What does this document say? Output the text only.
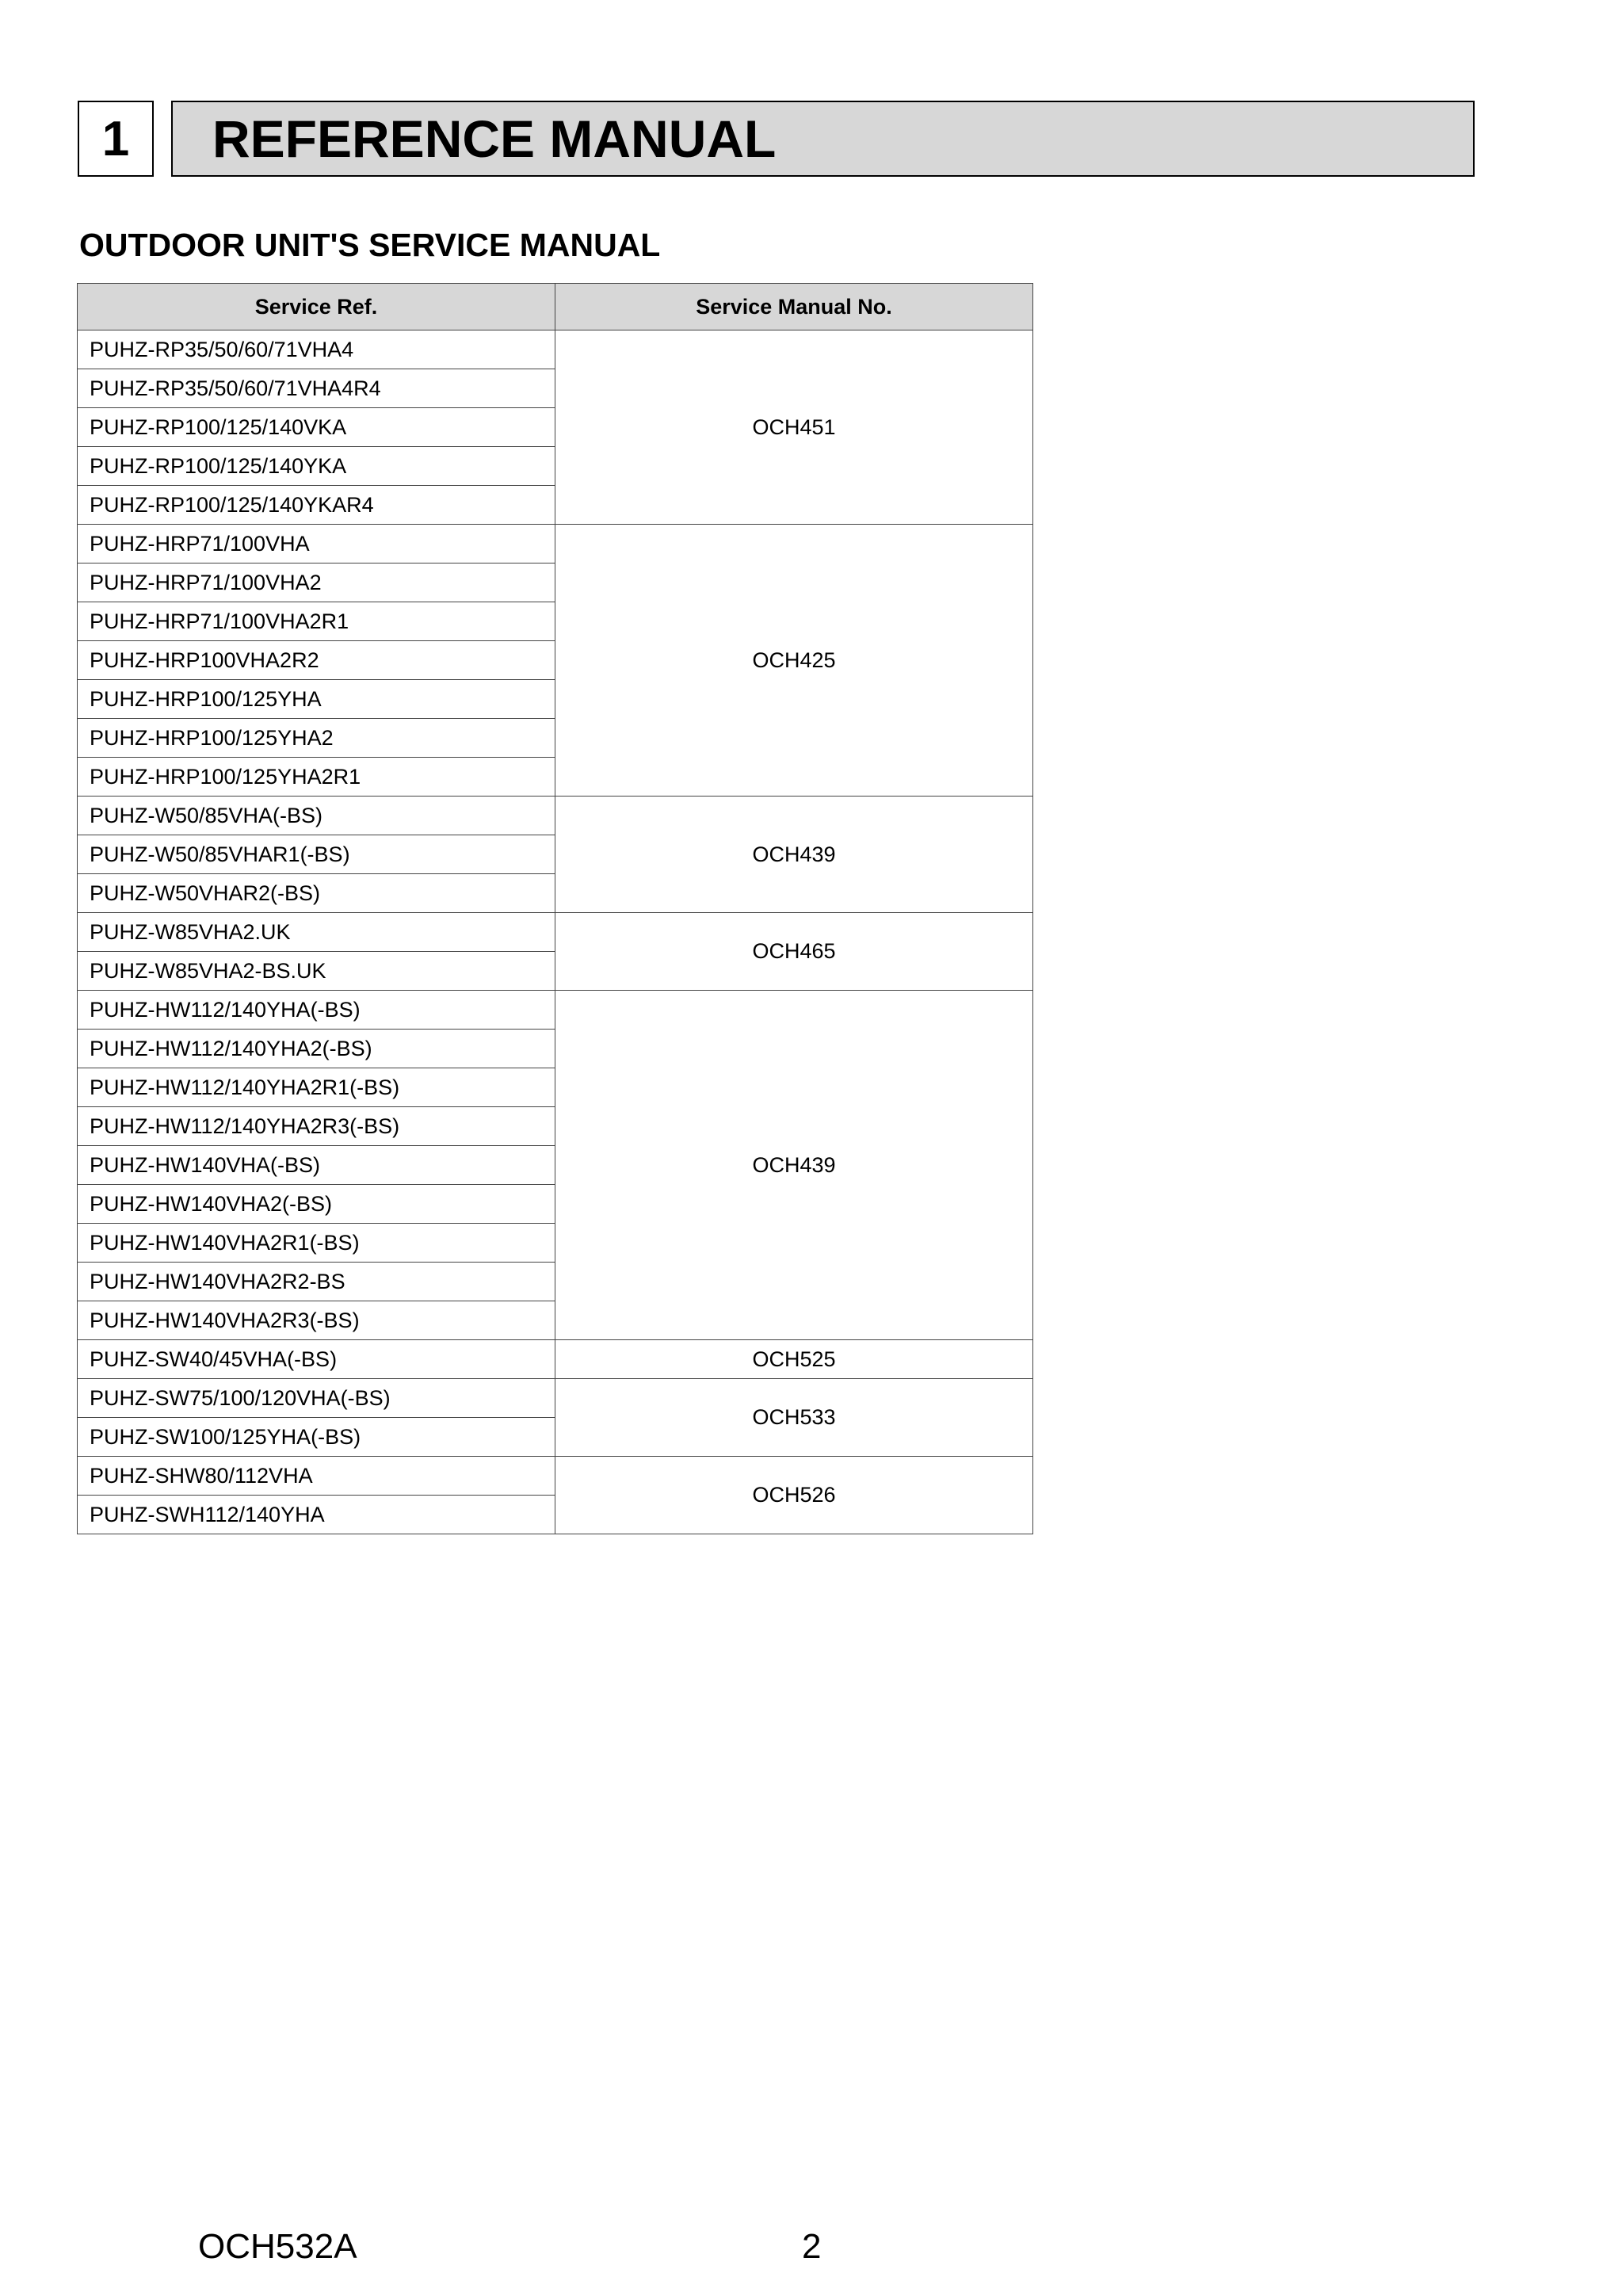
1	REFERENCE MANUAL
OUTDOOR UNIT'S SERVICE MANUAL
Service Ref.	Service Manual No.
PUHZ-RP35/50/60/71VHA4	OCH451
PUHZ-RP35/50/60/71VHA4R4	
PUHZ-RP100/125/140VKA	
PUHZ-RP100/125/140YKA	
PUHZ-RP100/125/140YKAR4	
PUHZ-HRP71/100VHA	OCH425
PUHZ-HRP71/100VHA2	
PUHZ-HRP71/100VHA2R1	
PUHZ-HRP100VHA2R2	
PUHZ-HRP100/125YHA	
PUHZ-HRP100/125YHA2	
PUHZ-HRP100/125YHA2R1	
PUHZ-W50/85VHA(-BS)	OCH439
PUHZ-W50/85VHAR1(-BS)	
PUHZ-W50VHAR2(-BS)	
PUHZ-W85VHA2.UK	OCH465
PUHZ-W85VHA2-BS.UK	
PUHZ-HW112/140YHA(-BS)	OCH439
PUHZ-HW112/140YHA2(-BS)	
PUHZ-HW112/140YHA2R1(-BS)	
PUHZ-HW112/140YHA2R3(-BS)	
PUHZ-HW140VHA(-BS)	
PUHZ-HW140VHA2(-BS)	
PUHZ-HW140VHA2R1(-BS)	
PUHZ-HW140VHA2R2-BS	
PUHZ-HW140VHA2R3(-BS)	
PUHZ-SW40/45VHA(-BS)	OCH525
PUHZ-SW75/100/120VHA(-BS)	OCH533
PUHZ-SW100/125YHA(-BS)	
PUHZ-SHW80/112VHA	OCH526
PUHZ-SWH112/140YHA	
OCH532A	2
